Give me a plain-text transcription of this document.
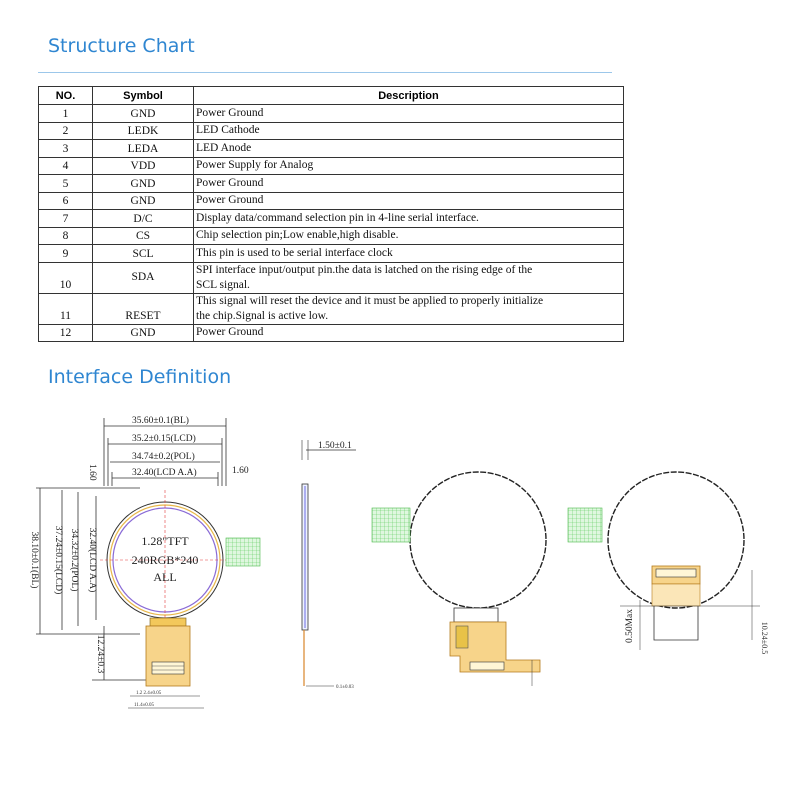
Structure Chart
NO.	Symbol	Description
1	GND	Power Ground
2	LEDK	LED Cathode
3	LEDA	LED Anode
4	VDD	Power Supply for Analog
5	GND	Power Ground
6	GND	Power Ground
7	D/C	Display data/command selection pin in 4-line serial interface.
8	CS	Chip selection pin;Low enable,high disable.
9	SCL	This pin is used to be serial interface clock
10	SDA	SPI interface input/output pin.the data is latched on the rising edge of the
SCL signal.
11	RESET	This signal will reset the device and it must be applied to properly initialize
the chip.Signal is active low.
12	GND	Power Ground
Interface Definition
1.2 2.4±0.05
11.4±0.05
35.60±0.1(BL)
35.2±0.15(LCD)
34.74±0.2(POL)
32.40(LCD A.A)	1.60
1.60
38.10±0.1(BL) 37.24±0.15(LCD) 34.32±0.2(POL) 32.40(LCD A.A)
12.24±0.3
1.28"TFT
240RGB*240
ALL
1.50±0.1
0.1±0.03
0.50Max	10.24±0.5
